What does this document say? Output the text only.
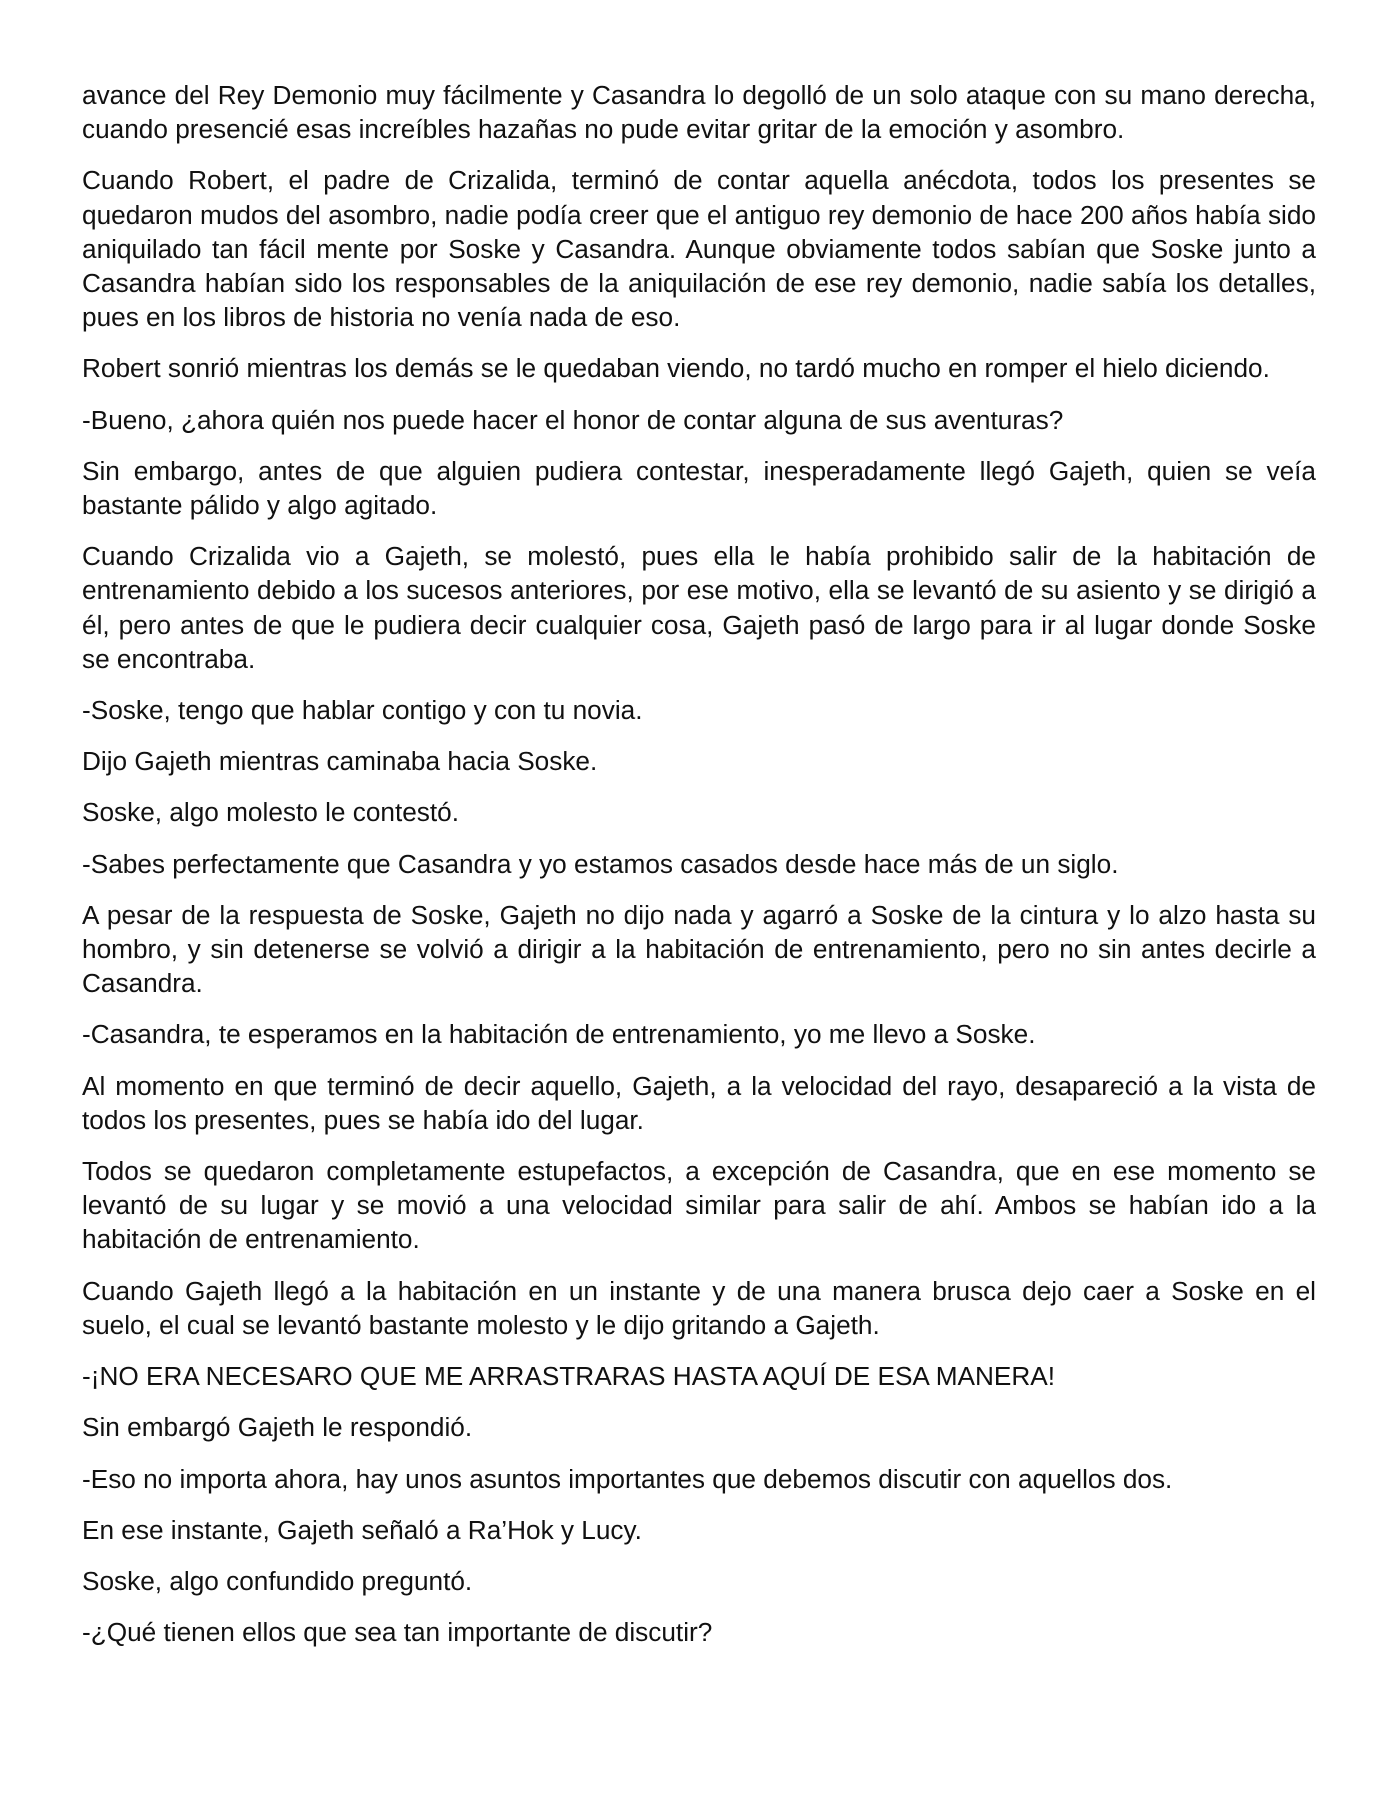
avance del Rey Demonio muy fácilmente y Casandra lo degolló de un solo ataque con su mano derecha, cuando presencié esas increíbles hazañas no pude evitar gritar de la emoción y asombro.

Cuando Robert, el padre de Crizalida, terminó de contar aquella anécdota, todos los presentes se quedaron mudos del asombro, nadie podía creer que el antiguo rey demonio de hace 200 años había sido aniquilado tan fácil mente por Soske y Casandra. Aunque obviamente todos sabían que Soske junto a Casandra habían sido los responsables de la aniquilación de ese rey demonio, nadie sabía los detalles, pues en los libros de historia no venía nada de eso.

Robert sonrió mientras los demás se le quedaban viendo, no tardó mucho en romper el hielo diciendo.

-Bueno, ¿ahora quién nos puede hacer el honor de contar alguna de sus aventuras?

Sin embargo, antes de que alguien pudiera contestar, inesperadamente llegó Gajeth, quien se veía bastante pálido y algo agitado.

Cuando Crizalida vio a Gajeth, se molestó, pues ella le había prohibido salir de la habitación de entrenamiento debido a los sucesos anteriores, por ese motivo, ella se levantó de su asiento y se dirigió a él, pero antes de que le pudiera decir cualquier cosa, Gajeth pasó de largo para ir al lugar donde Soske se encontraba.

-Soske, tengo que hablar contigo y con tu novia.

Dijo Gajeth mientras caminaba hacia Soske.

Soske, algo molesto le contestó.

-Sabes perfectamente que Casandra y yo estamos casados desde hace más de un siglo.

A pesar de la respuesta de Soske, Gajeth no dijo nada y agarró a Soske de la cintura y lo alzo hasta su hombro, y sin detenerse se volvió a dirigir a la habitación de entrenamiento, pero no sin antes decirle a Casandra.

-Casandra, te esperamos en la habitación de entrenamiento, yo me llevo a Soske.

Al momento en que terminó de decir aquello, Gajeth, a la velocidad del rayo, desapareció a la vista de todos los presentes, pues se había ido del lugar.

Todos se quedaron completamente estupefactos, a excepción de Casandra, que en ese momento se levantó de su lugar y se movió a una velocidad similar para salir de ahí. Ambos se habían ido a la habitación de entrenamiento.

Cuando Gajeth llegó a la habitación en un instante y de una manera brusca dejo caer a Soske en el suelo, el cual se levantó bastante molesto y le dijo gritando a Gajeth.

-¡NO ERA NECESARO QUE ME ARRASTRARAS HASTA AQUÍ DE ESA MANERA!

Sin embargó Gajeth le respondió.

-Eso no importa ahora, hay unos asuntos importantes que debemos discutir con aquellos dos.

En ese instante, Gajeth señaló a Ra’Hok y Lucy.

Soske, algo confundido preguntó.

-¿Qué tienen ellos que sea tan importante de discutir?
